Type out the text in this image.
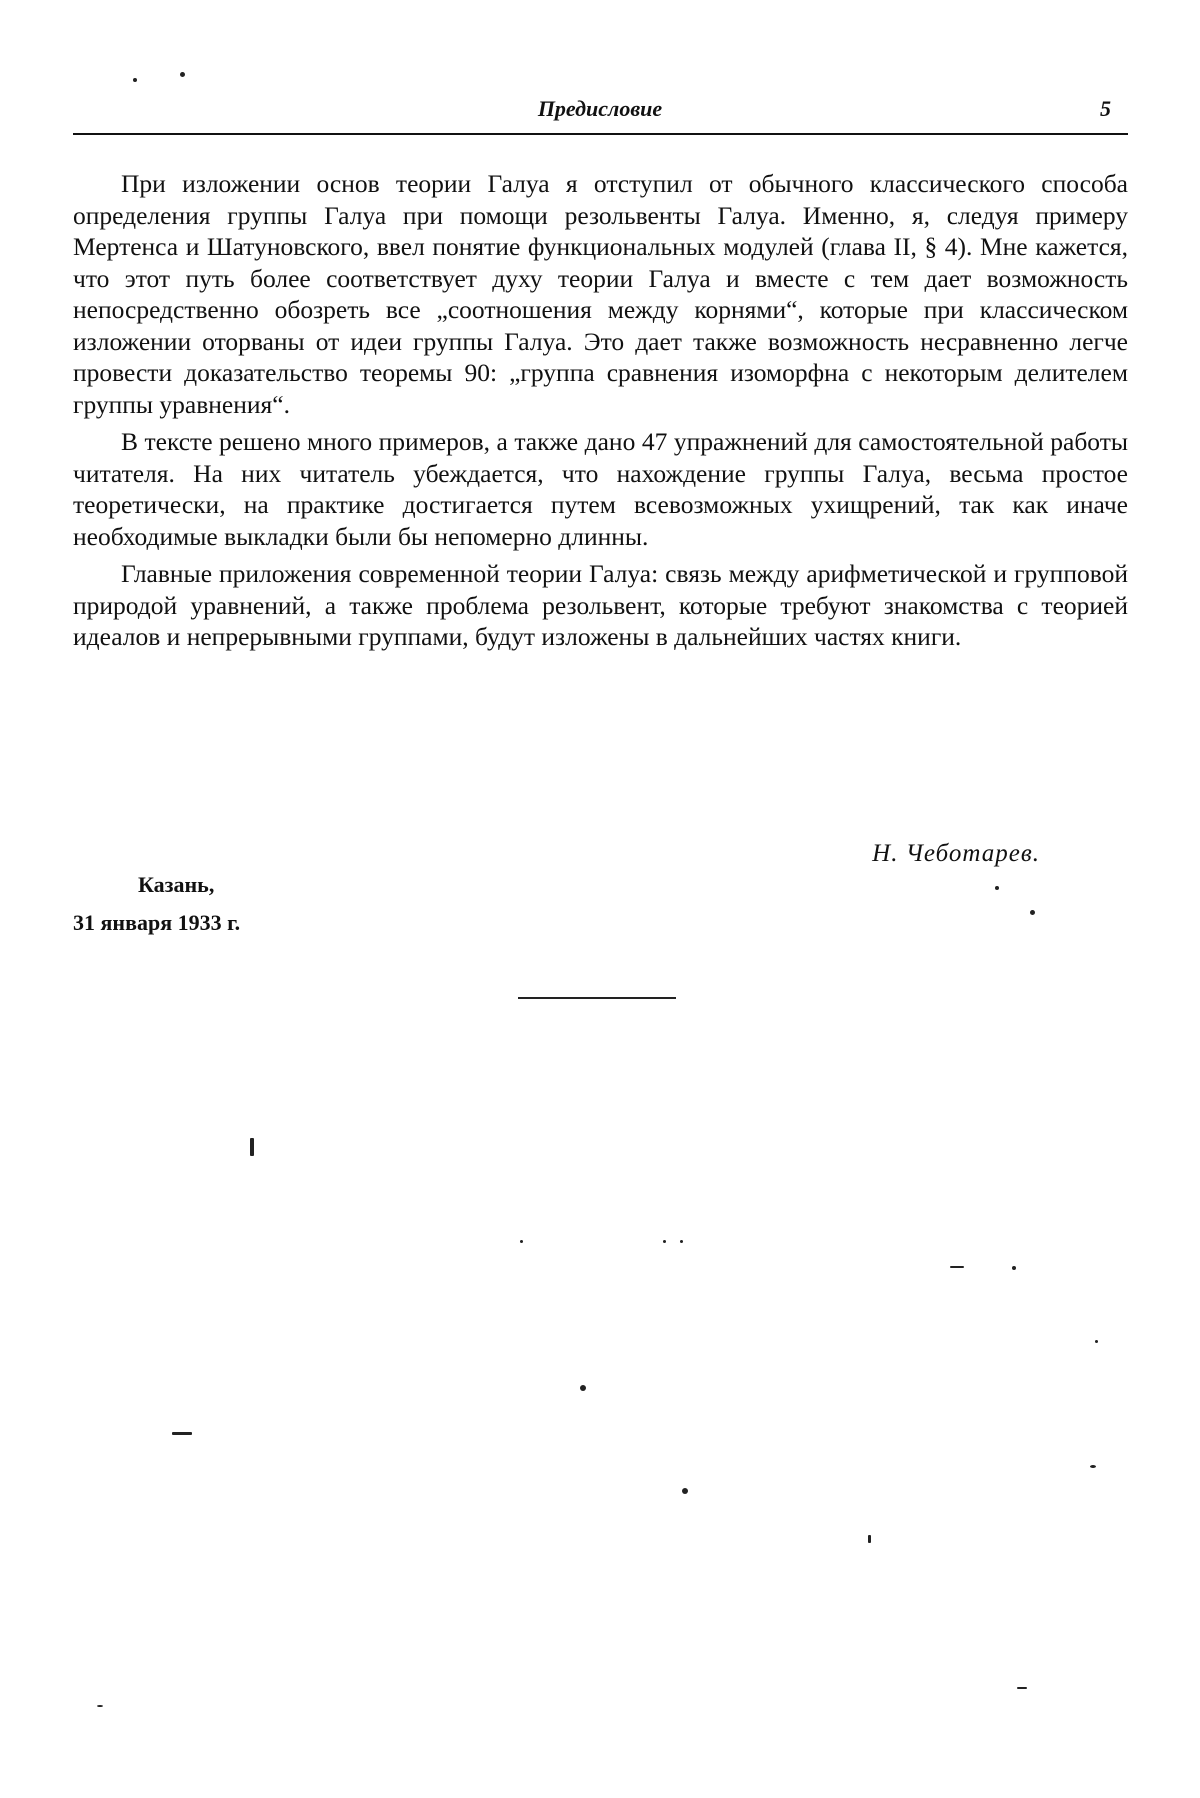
Предисловие	5

При изложении основ теории Галуа я отступил от обычного классического способа определения группы Галуа при помощи резольвенты Галуа. Именно, я, следуя примеру Мертенса и Шатуновского, ввел понятие функциональных модулей (глава II, § 4). Мне кажется, что этот путь более соответствует духу теории Галуа и вместе с тем дает возможность непосредственно обозреть все „соотношения между корнями“, которые при классическом изложении оторваны от идеи группы Галуа. Это дает также возможность несравненно легче провести доказательство теоремы 90: „группа сравнения изоморфна с некоторым делителем группы уравнения“.

В тексте решено много примеров, а также дано 47 упражнений для самостоятельной работы читателя. На них читатель убеждается, что нахождение группы Галуа, весьма простое теоретически, на практике достигается путем всевозможных ухищрений, так как иначе необходимые выкладки были бы непомерно длинны.

Главные приложения современной теории Галуа: связь между арифметической и групповой природой уравнений, а также проблема резольвент, которые требуют знакомства с теорией идеалов и непрерывными группами, будут изложены в дальнейших частях книги.

Н. Чеботарев.
Казань,
31 января 1933 г.
